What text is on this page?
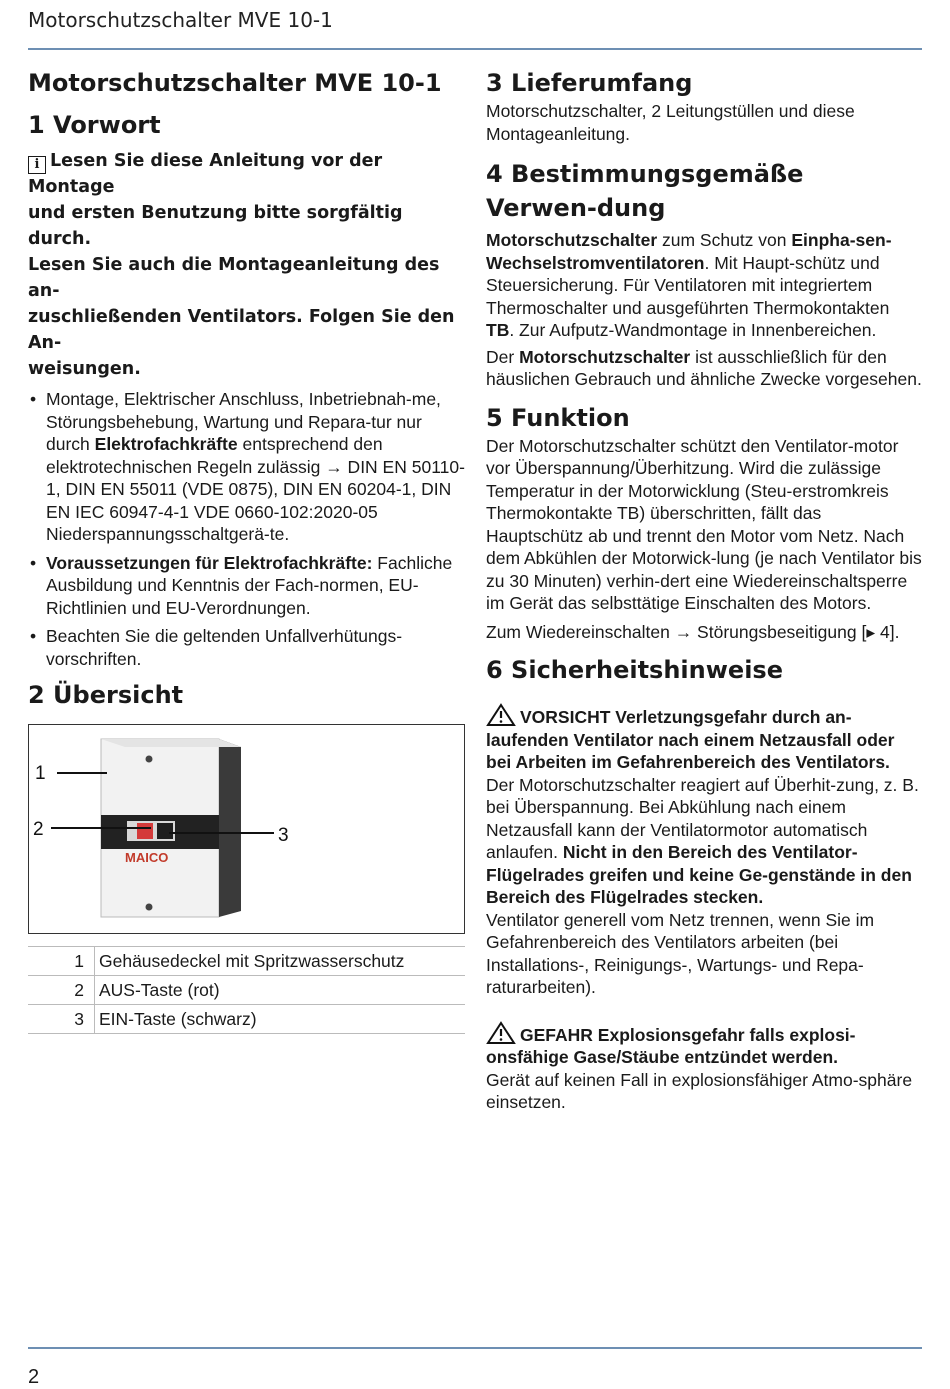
Motorschutzschalter MVE 10-1
Motorschutzschalter MVE 10-1
1 Vorwort
i Lesen Sie diese Anleitung vor der Montage
und ersten Benutzung bitte sorgfältig durch.
Lesen Sie auch die Montageanleitung des an-
zuschließenden Ventilators. Folgen Sie den An-
weisungen.
• Montage, Elektrischer Anschluss, Inbetriebnah-me, Störungsbehebung, Wartung und Repara-tur nur durch Elektrofachkräfte entsprechend den elektrotechnischen Regeln zulässig → DIN EN 50110-1, DIN EN 55011 (VDE 0875), DIN EN 60204-1, DIN EN IEC 60947-4-1 VDE 0660-102:2020-05 Niederspannungsschaltgerä-te.
• Voraussetzungen für Elektrofachkräfte: Fachliche Ausbildung und Kenntnis der Fach-normen, EU-Richtlinien und EU-Verordnungen.
• Beachten Sie die geltenden Unfallverhütungs-vorschriften.
2 Übersicht
MAICO
1
2	3
1	Gehäusedeckel mit Spritzwasserschutz
2	AUS-Taste (rot)
3	EIN-Taste (schwarz)
3 Lieferumfang

Motorschutzschalter, 2 Leitungstüllen und diese Montageanleitung.

4 Bestimmungsgemäße Verwen-dung

Motorschutzschalter zum Schutz von Einpha-sen-Wechselstromventilatoren. Mit Haupt-schütz und Steuersicherung. Für Ventilatoren mit integriertem Thermoschalter und ausgeführten Thermokontakten TB. Zur Aufputz-Wandmontage in Innenbereichen.

Der Motorschutzschalter ist ausschließlich für den häuslichen Gebrauch und ähnliche Zwecke vorgesehen.

5 Funktion

Der Motorschutzschalter schützt den Ventilator-motor vor Überspannung/Überhitzung. Wird die zulässige Temperatur in der Motorwicklung (Steu-erstromkreis Thermokontakte TB) überschritten, fällt das Hauptschütz ab und trennt den Motor vom Netz. Nach dem Abkühlen der Motorwick-lung (je nach Ventilator bis zu 30 Minuten) verhin-dert eine Wiedereinschaltsperre im Gerät das selbsttätige Einschalten des Motors.

Zum Wiedereinschalten → Störungsbeseitigung [▸ 4].

6 Sicherheitshinweise

VORSICHT Verletzungsgefahr durch an-laufenden Ventilator nach einem Netzausfall oder bei Arbeiten im Gefahrenbereich des Ventilators.

Der Motorschutzschalter reagiert auf Überhit-zung, z. B. bei Überspannung. Bei Abkühlung nach einem Netzausfall kann der Ventilatormotor automatisch anlaufen. Nicht in den Bereich des Ventilator-Flügelrades greifen und keine Ge-genstände in den Bereich des Flügelrades stecken.

Ventilator generell vom Netz trennen, wenn Sie im Gefahrenbereich des Ventilators arbeiten (bei Installations-, Reinigungs-, Wartungs- und Repa-raturarbeiten).

GEFAHR Explosionsgefahr falls explosi-onsfähige Gase/Stäube entzündet werden.

Gerät auf keinen Fall in explosionsfähiger Atmo-sphäre einsetzen.

2
